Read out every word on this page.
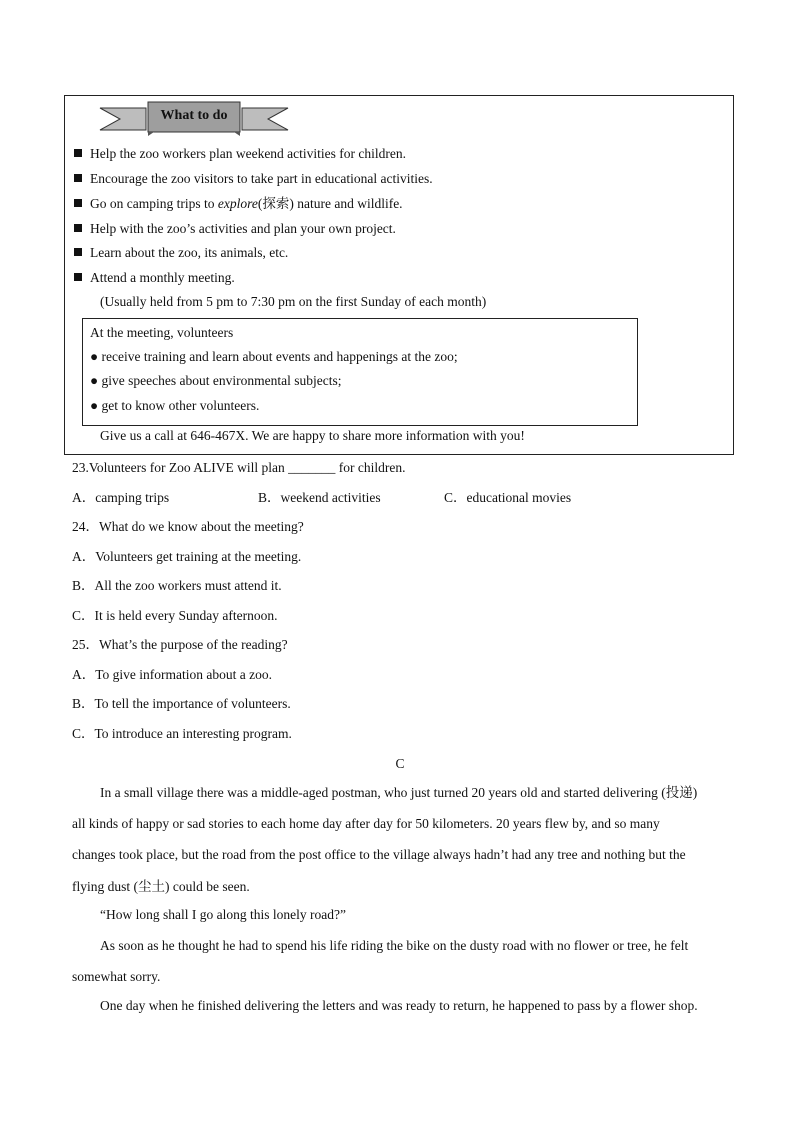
What to do
Help the zoo workers plan weekend activities for children.
Encourage the zoo visitors to take part in educational activities.
Go on camping trips to explore(探索) nature and wildlife.
Help with the zoo’s activities and plan your own project.
Learn about the zoo, its animals, etc.
Attend a monthly meeting.
(Usually held from 5 pm to 7:30 pm on the first Sunday of each month)
At the meeting, volunteers
● receive training and learn about events and happenings at the zoo;
● give speeches about environmental subjects;
● get to know other volunteers.
Give us a call at 646-467X. We are happy to share more information with you!
23.Volunteers for Zoo ALIVE will plan _______ for children.
A．camping trips	B．weekend activities	C．educational movies
24．What do we know about the meeting?
A．Volunteers get training at the meeting.
B．All the zoo workers must attend it.
C．It is held every Sunday afternoon.
25．What’s the purpose of the reading?
A．To give information about a zoo.
B．To tell the importance of volunteers.
C．To introduce an interesting program.
C
In a small village there was a middle-aged postman, who just turned 20 years old and started delivering (投递)
all kinds of happy or sad stories to each home day after day for 50 kilometers. 20 years flew by, and so many
changes took place, but the road from the post office to the village always hadn’t had any tree and nothing but the
flying dust (尘土) could be seen.
“How long shall I go along this lonely road?”
As soon as he thought he had to spend his life riding the bike on the dusty road with no flower or tree, he felt
somewhat sorry.
One day when he finished delivering the letters and was ready to return, he happened to pass by a flower shop.
